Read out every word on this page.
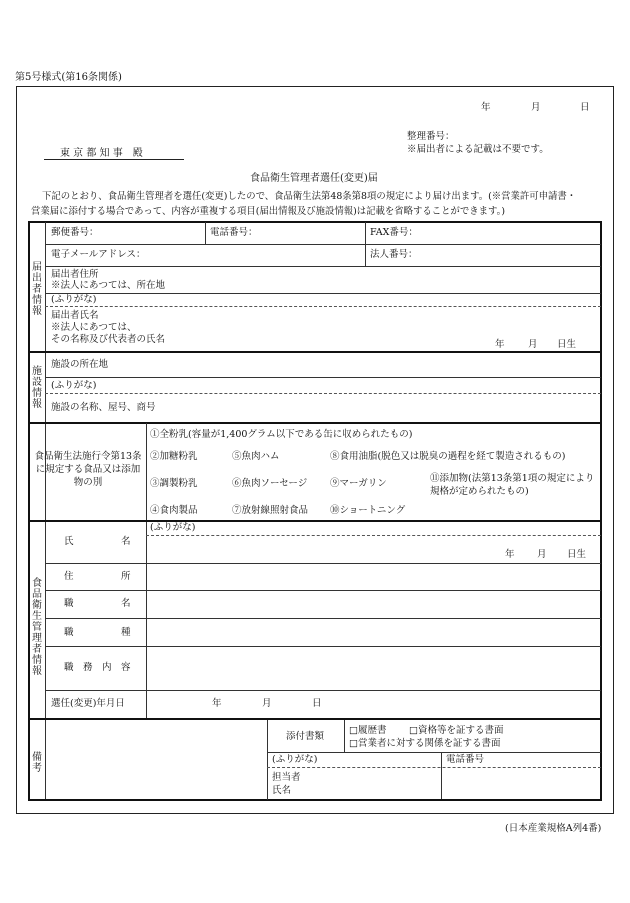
第5号様式(第16条関係)
年	月	日
整理番号：
※届出者による記載は不要です。
東 京 都 知 事　殿
食品衛生管理者選任(変更)届
下記のとおり、食品衛生管理者を選任(変更)したので、食品衛生法第48条第8項の規定により届け出ます。(※営業許可申請書・
営業届に添付する場合であって、内容が重複する項目(届出情報及び施設情報)は記載を省略することができます。)
届出者情報
郵便番号：	電話番号：	FAX番号：
電子メールアドレス：	法人番号：
届出者住所
※法人にあつては、所在地
(ふりがな)
届出者氏名
※法人にあつては、
その名称及び代表者の氏名	年 月 日生
施設情報
施設の所在地
(ふりがな)
施設の名称、屋号、商号
食品衛生法施行令第13条に規定する食品又は添加物の別
①全粉乳(容量が1,400グラム以下である缶に収められたもの)
②加糖粉乳	⑤魚肉ハム	⑧食用油脂(脱色又は脱臭の過程を経て製造されるもの)
③調製粉乳	⑥魚肉ソーセージ ⑨マーガリン	⑪添加物(法第13条第1項の規定により規格が定められたもの)
④食肉製品	⑦放射線照射食品 ⑩ショートニング
食品衛生管理者情報
(ふりがな)
氏　　　　　名
年 月 日生
住　　　　　所
職　　　　　名
職　　　　　種
職　務　内　容
選任(変更)年月日	年	月	日
備考
添付書類
□履歴書 □資格等を証する書面
□営業者に対する関係を証する書面
(ふりがな)	電話番号
担当者
氏名
(日本産業規格A列4番)
